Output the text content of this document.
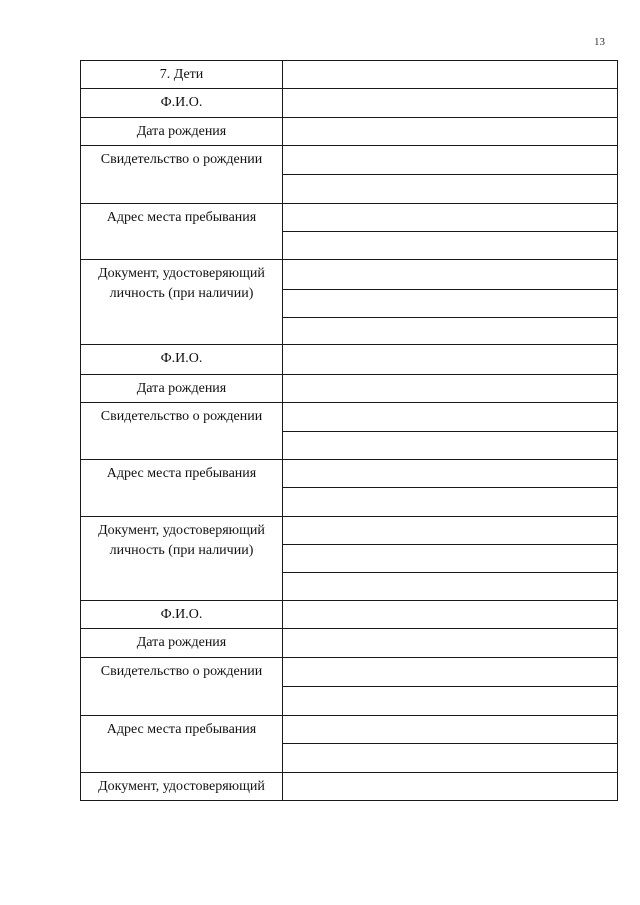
13
7. Дети	
Ф.И.О.	
Дата рождения	
Свидетельство о рождении	

Адрес места пребывания	

Документ, удостоверяющий личность (при наличии)	

Ф.И.О.	
Дата рождения	
Свидетельство о рождении	

Адрес места пребывания	

Документ, удостоверяющий личность (при наличии)	

Ф.И.О.	
Дата рождения	
Свидетельство о рождении	

Адрес места пребывания	

Документ, удостоверяющий	
